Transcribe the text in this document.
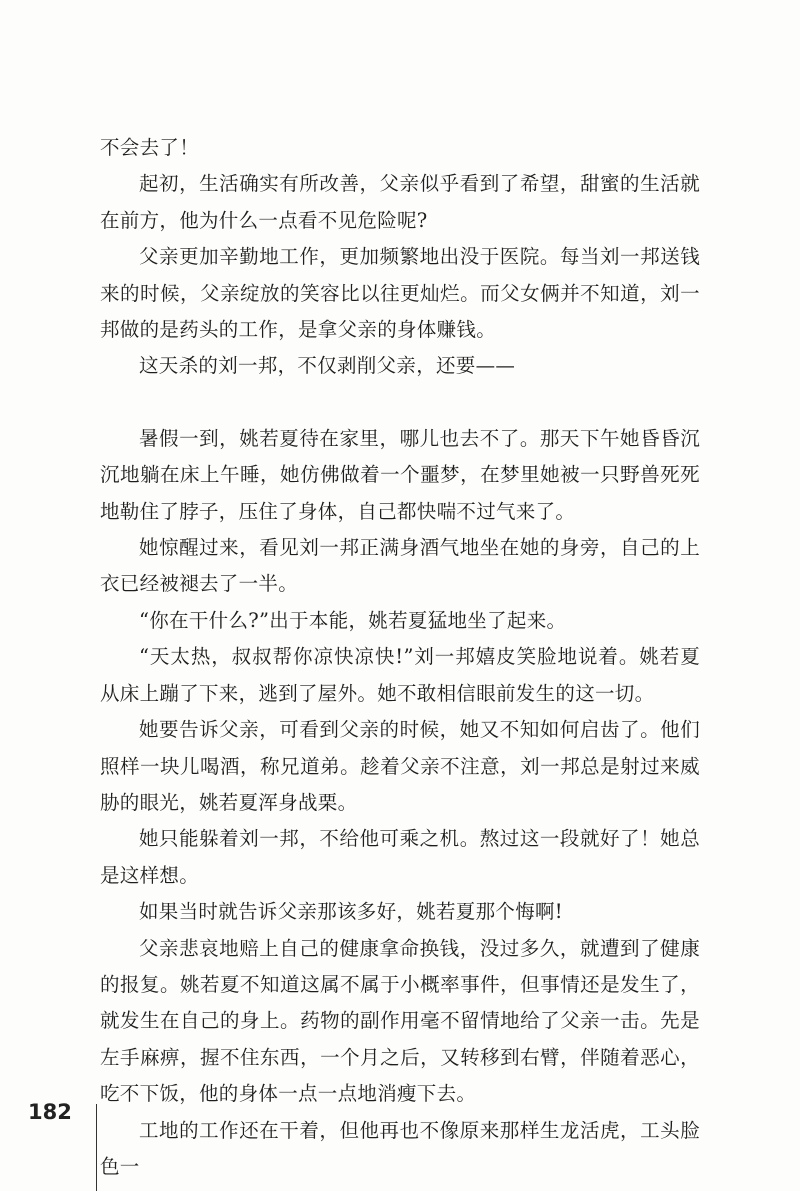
不会去了！

起初，生活确实有所改善，父亲似乎看到了希望，甜蜜的生活就在前方，他为什么一点看不见危险呢?

父亲更加辛勤地工作，更加频繁地出没于医院。每当刘一邦送钱来的时候，父亲绽放的笑容比以往更灿烂。而父女俩并不知道，刘一邦做的是药头的工作，是拿父亲的身体赚钱。

这天杀的刘一邦，不仅剥削父亲，还要——

暑假一到，姚若夏待在家里，哪儿也去不了。那天下午她昏昏沉沉地躺在床上午睡，她仿佛做着一个噩梦，在梦里她被一只野兽死死地勒住了脖子，压住了身体，自己都快喘不过气来了。

她惊醒过来，看见刘一邦正满身酒气地坐在她的身旁，自己的上衣已经被褪去了一半。

“你在干什么?”出于本能，姚若夏猛地坐了起来。

“天太热，叔叔帮你凉快凉快!”刘一邦嬉皮笑脸地说着。姚若夏从床上蹦了下来，逃到了屋外。她不敢相信眼前发生的这一切。

她要告诉父亲，可看到父亲的时候，她又不知如何启齿了。他们照样一块儿喝酒，称兄道弟。趁着父亲不注意，刘一邦总是射过来威胁的眼光，姚若夏浑身战栗。

她只能躲着刘一邦，不给他可乘之机。熬过这一段就好了！她总是这样想。

如果当时就告诉父亲那该多好，姚若夏那个悔啊!

父亲悲哀地赔上自己的健康拿命换钱，没过多久，就遭到了健康的报复。姚若夏不知道这属不属于小概率事件，但事情还是发生了，就发生在自己的身上。药物的副作用毫不留情地给了父亲一击。先是左手麻痹，握不住东西，一个月之后，又转移到右臂，伴随着恶心，吃不下饭，他的身体一点一点地消瘦下去。

工地的工作还在干着，但他再也不像原来那样生龙活虎，工头脸色一

182
